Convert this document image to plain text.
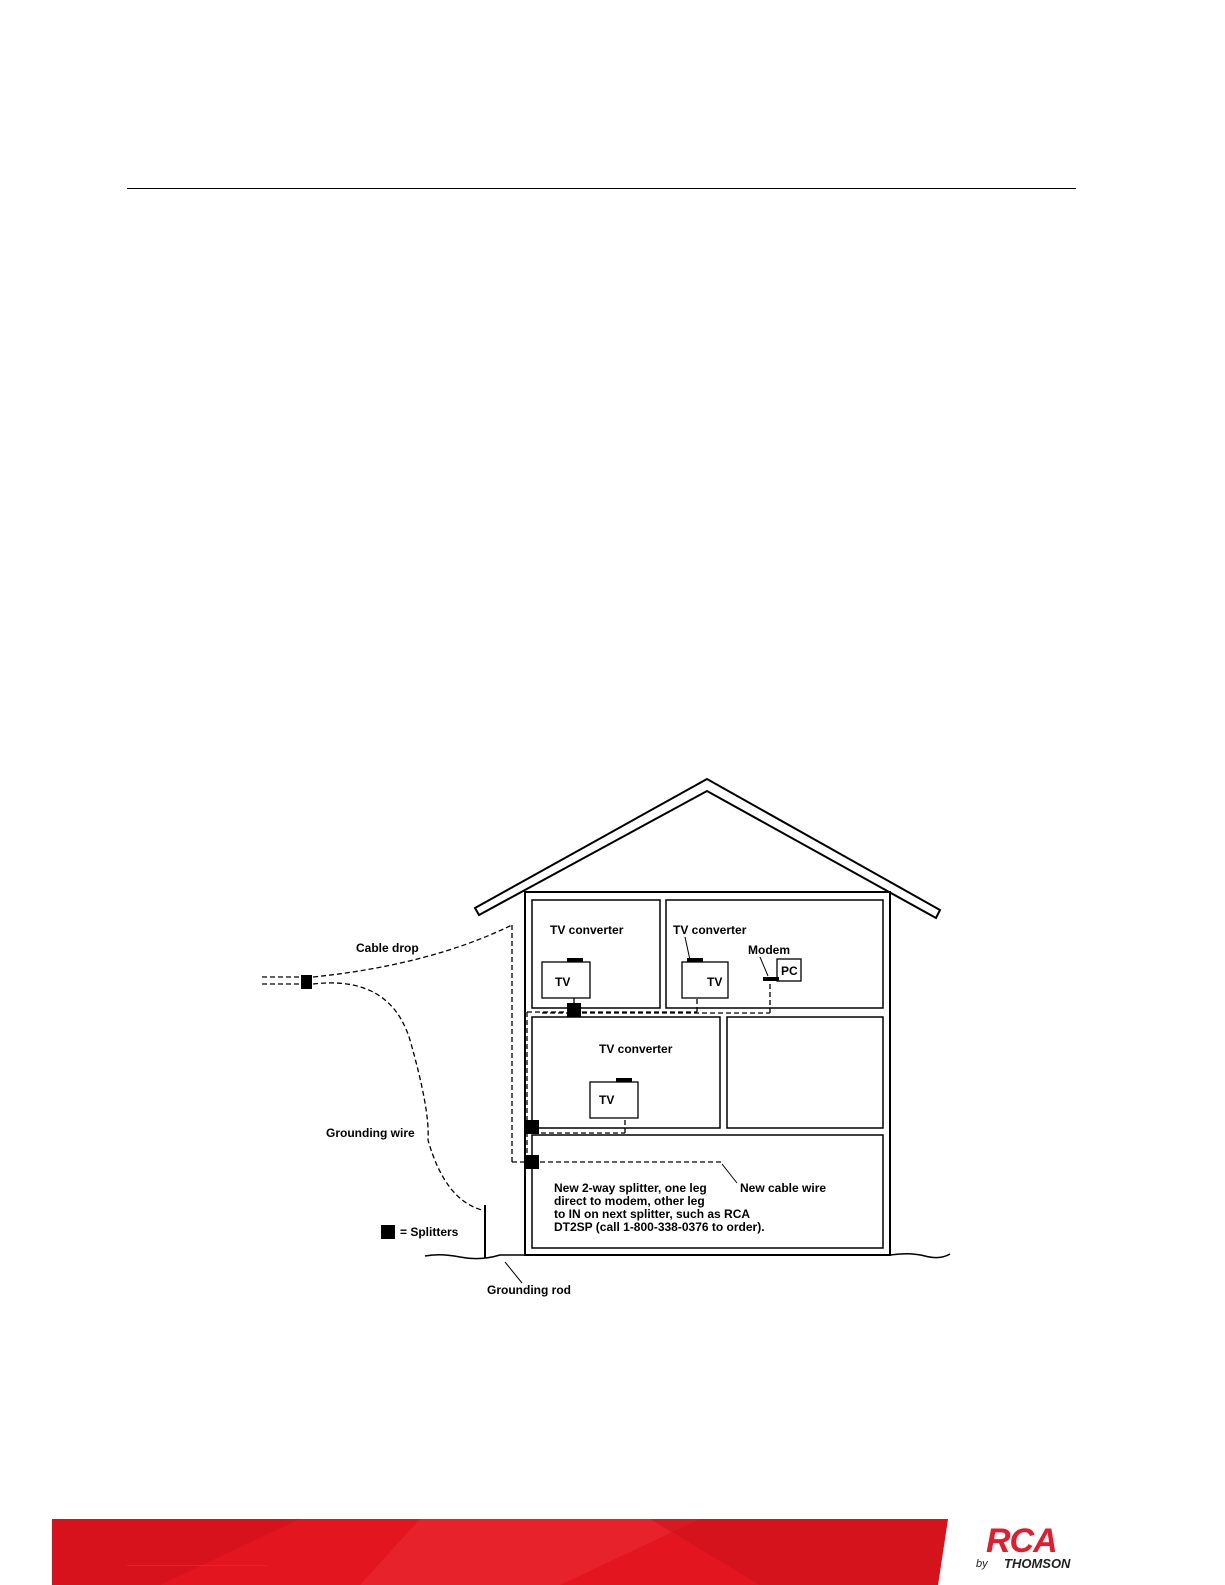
Cable drop
TV converter	TV converter
TV converter
TV	TV
TV
Modem
PC
Grounding wire
= Splitters
Grounding rod
New cable wire
New 2-way splitter, one leg
direct to modem, other leg
to IN on next splitter, such as RCA
DT2SP (call 1-800-338-0376 to order).
RCA
by THOMSON
